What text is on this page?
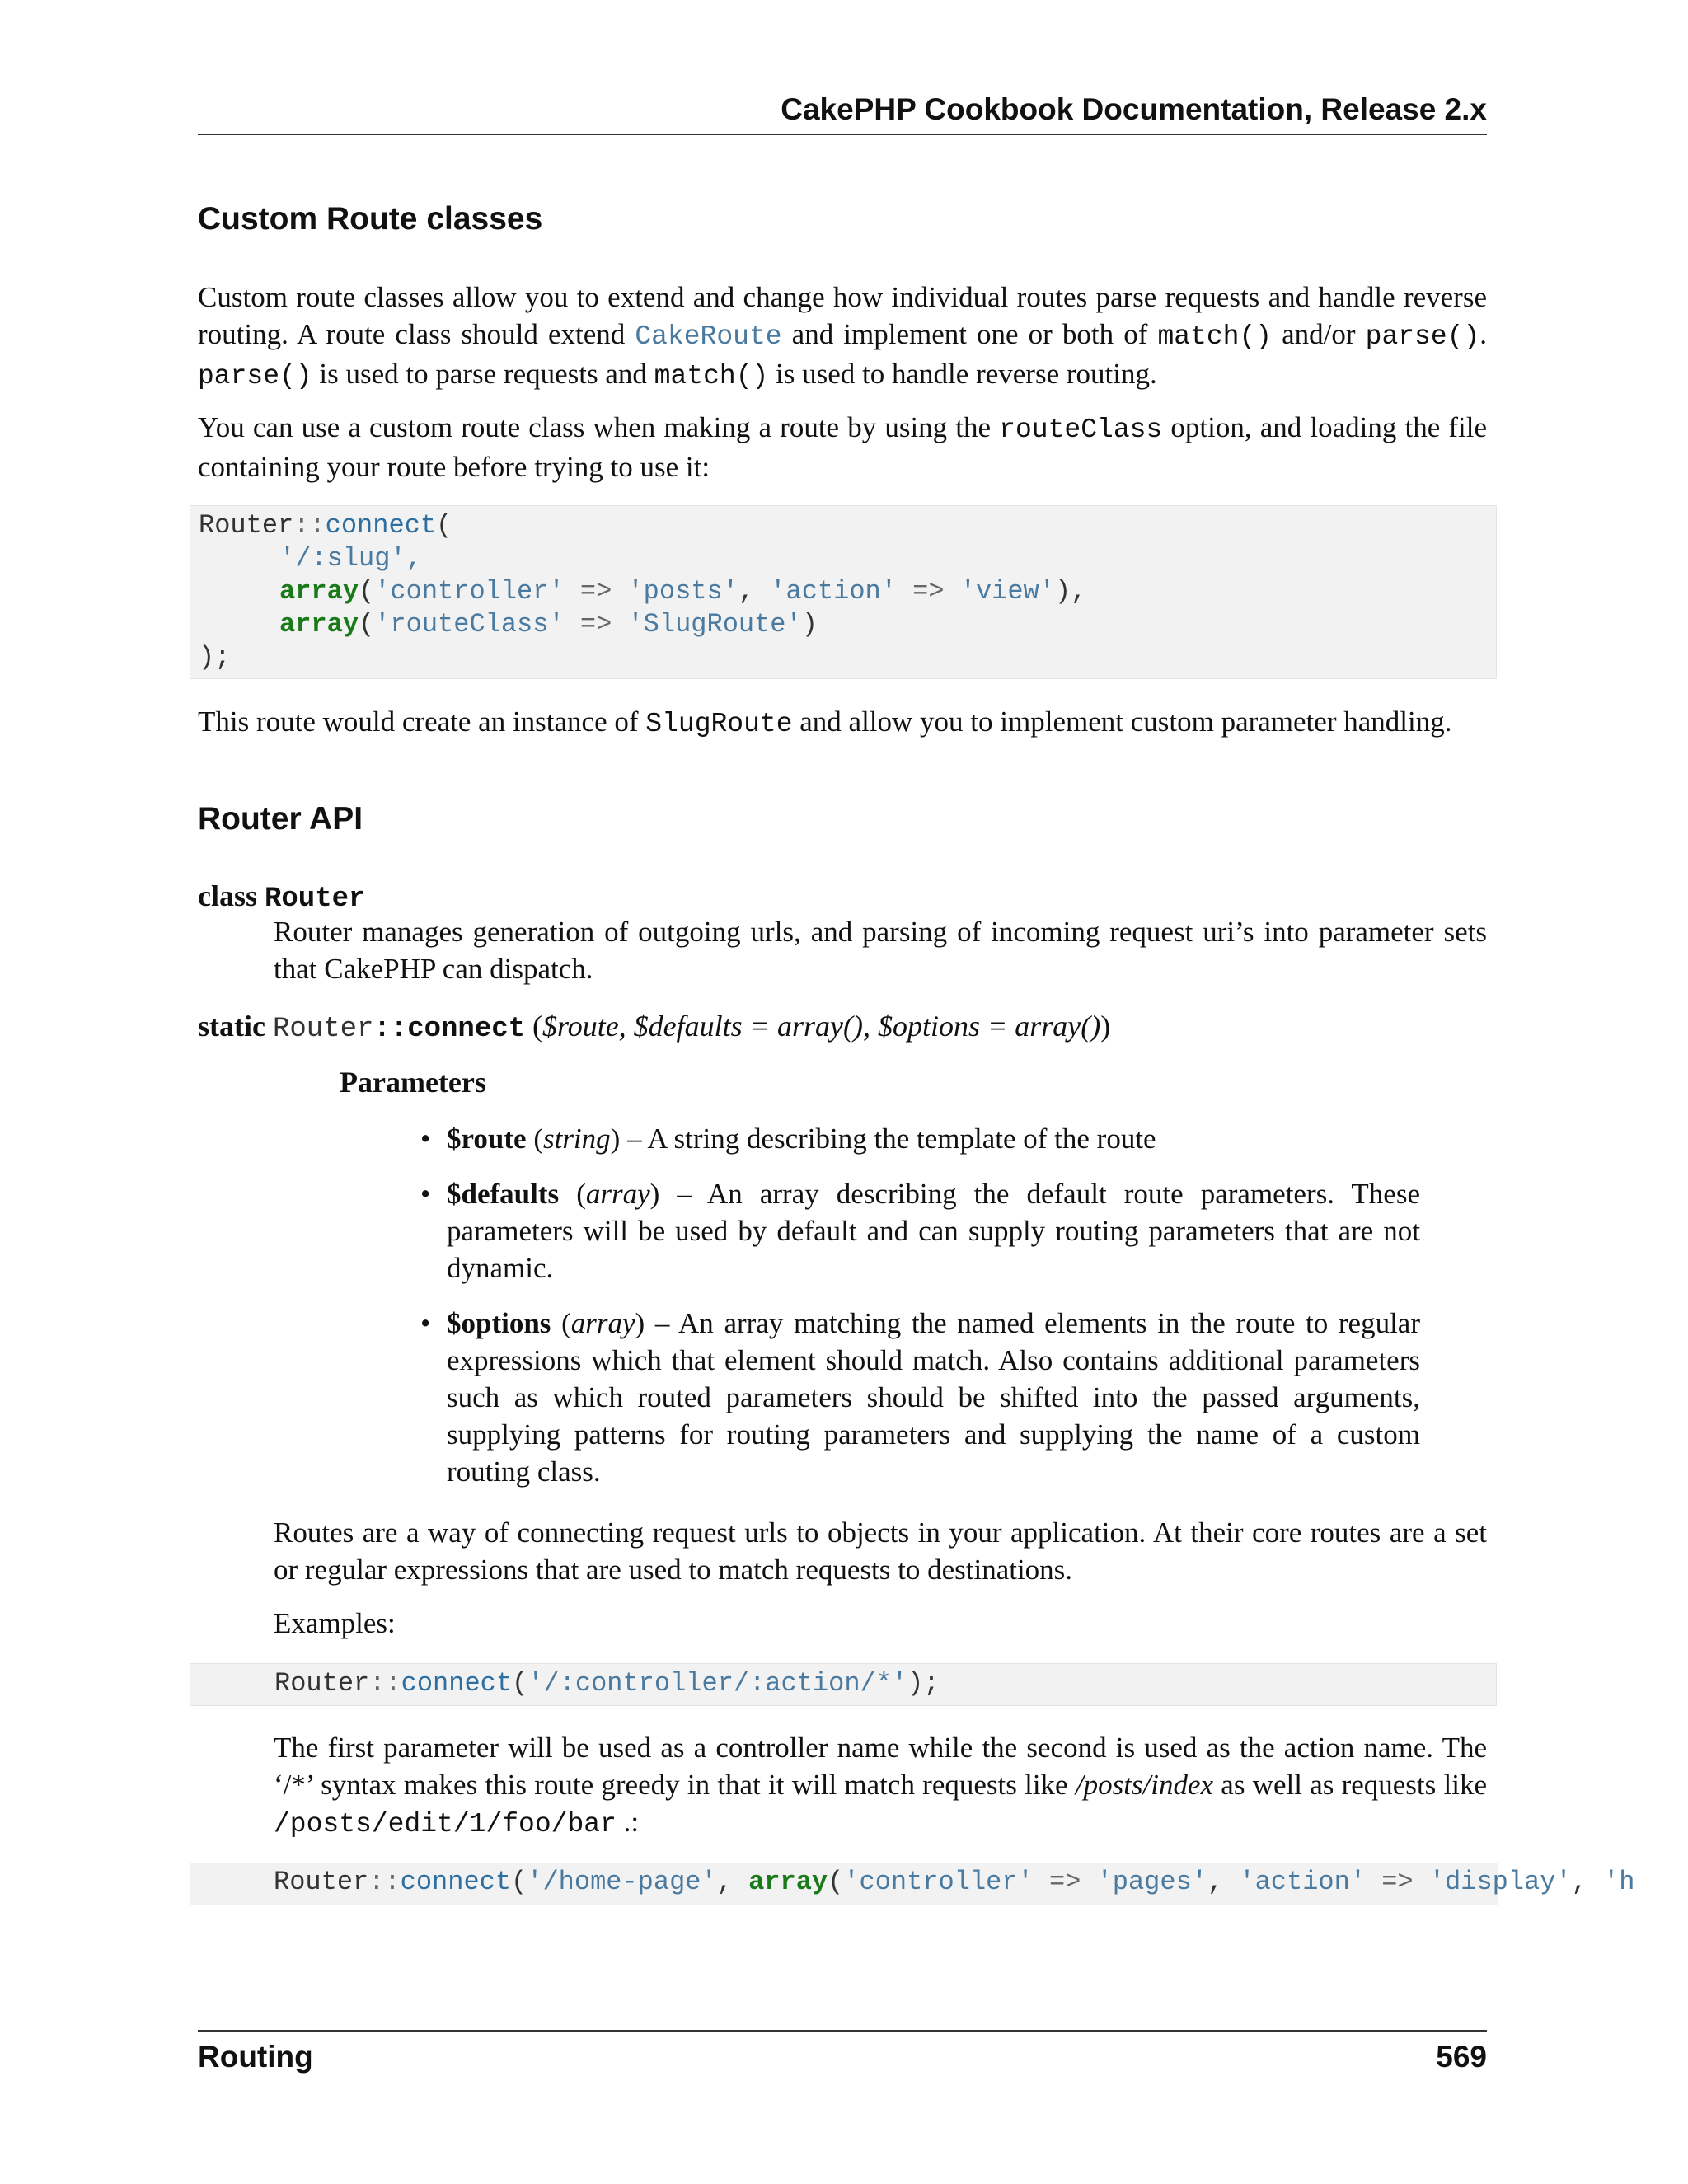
CakePHP Cookbook Documentation, Release 2.x
Custom Route classes

Custom route classes allow you to extend and change how individual routes parse requests and handle reverse routing. A route class should extend CakeRoute and implement one or both of match() and/or parse(). parse() is used to parse requests and match() is used to handle reverse routing.

You can use a custom route class when making a route by using the routeClass option, and loading the file containing your route before trying to use it:

Router::connect(
'/:slug',
array('controller' => 'posts', 'action' => 'view'),
array('routeClass' => 'SlugRoute')
);

This route would create an instance of SlugRoute and allow you to implement custom parameter handling.

Router API
class Router

Router manages generation of outgoing urls, and parsing of incoming request uri’s into parameter sets that CakePHP can dispatch.

static Router::connect ($route, $defaults = array(), $options = array())
Parameters
• $route (string) – A string describing the template of the route
• $defaults (array) – An array describing the default route parameters. These parameters will be used by default and can supply routing parameters that are not dynamic.
• $options (array) – An array matching the named elements in the route to regular expressions which that element should match. Also contains additional parameters such as which routed parameters should be shifted into the passed arguments, supplying patterns for routing parameters and supplying the name of a custom routing class.

Routes are a way of connecting request urls to objects in your application. At their core routes are a set or regular expressions that are used to match requests to destinations.

Examples:
Router::connect('/:controller/:action/*');

The first parameter will be used as a controller name while the second is used as the action name. The ‘/*’ syntax makes this route greedy in that it will match requests like /posts/index as well as requests like /posts/edit/1/foo/bar .:

Router::connect('/home-page', array('controller' => 'pages', 'action' => 'display', 'h
Routing	569
